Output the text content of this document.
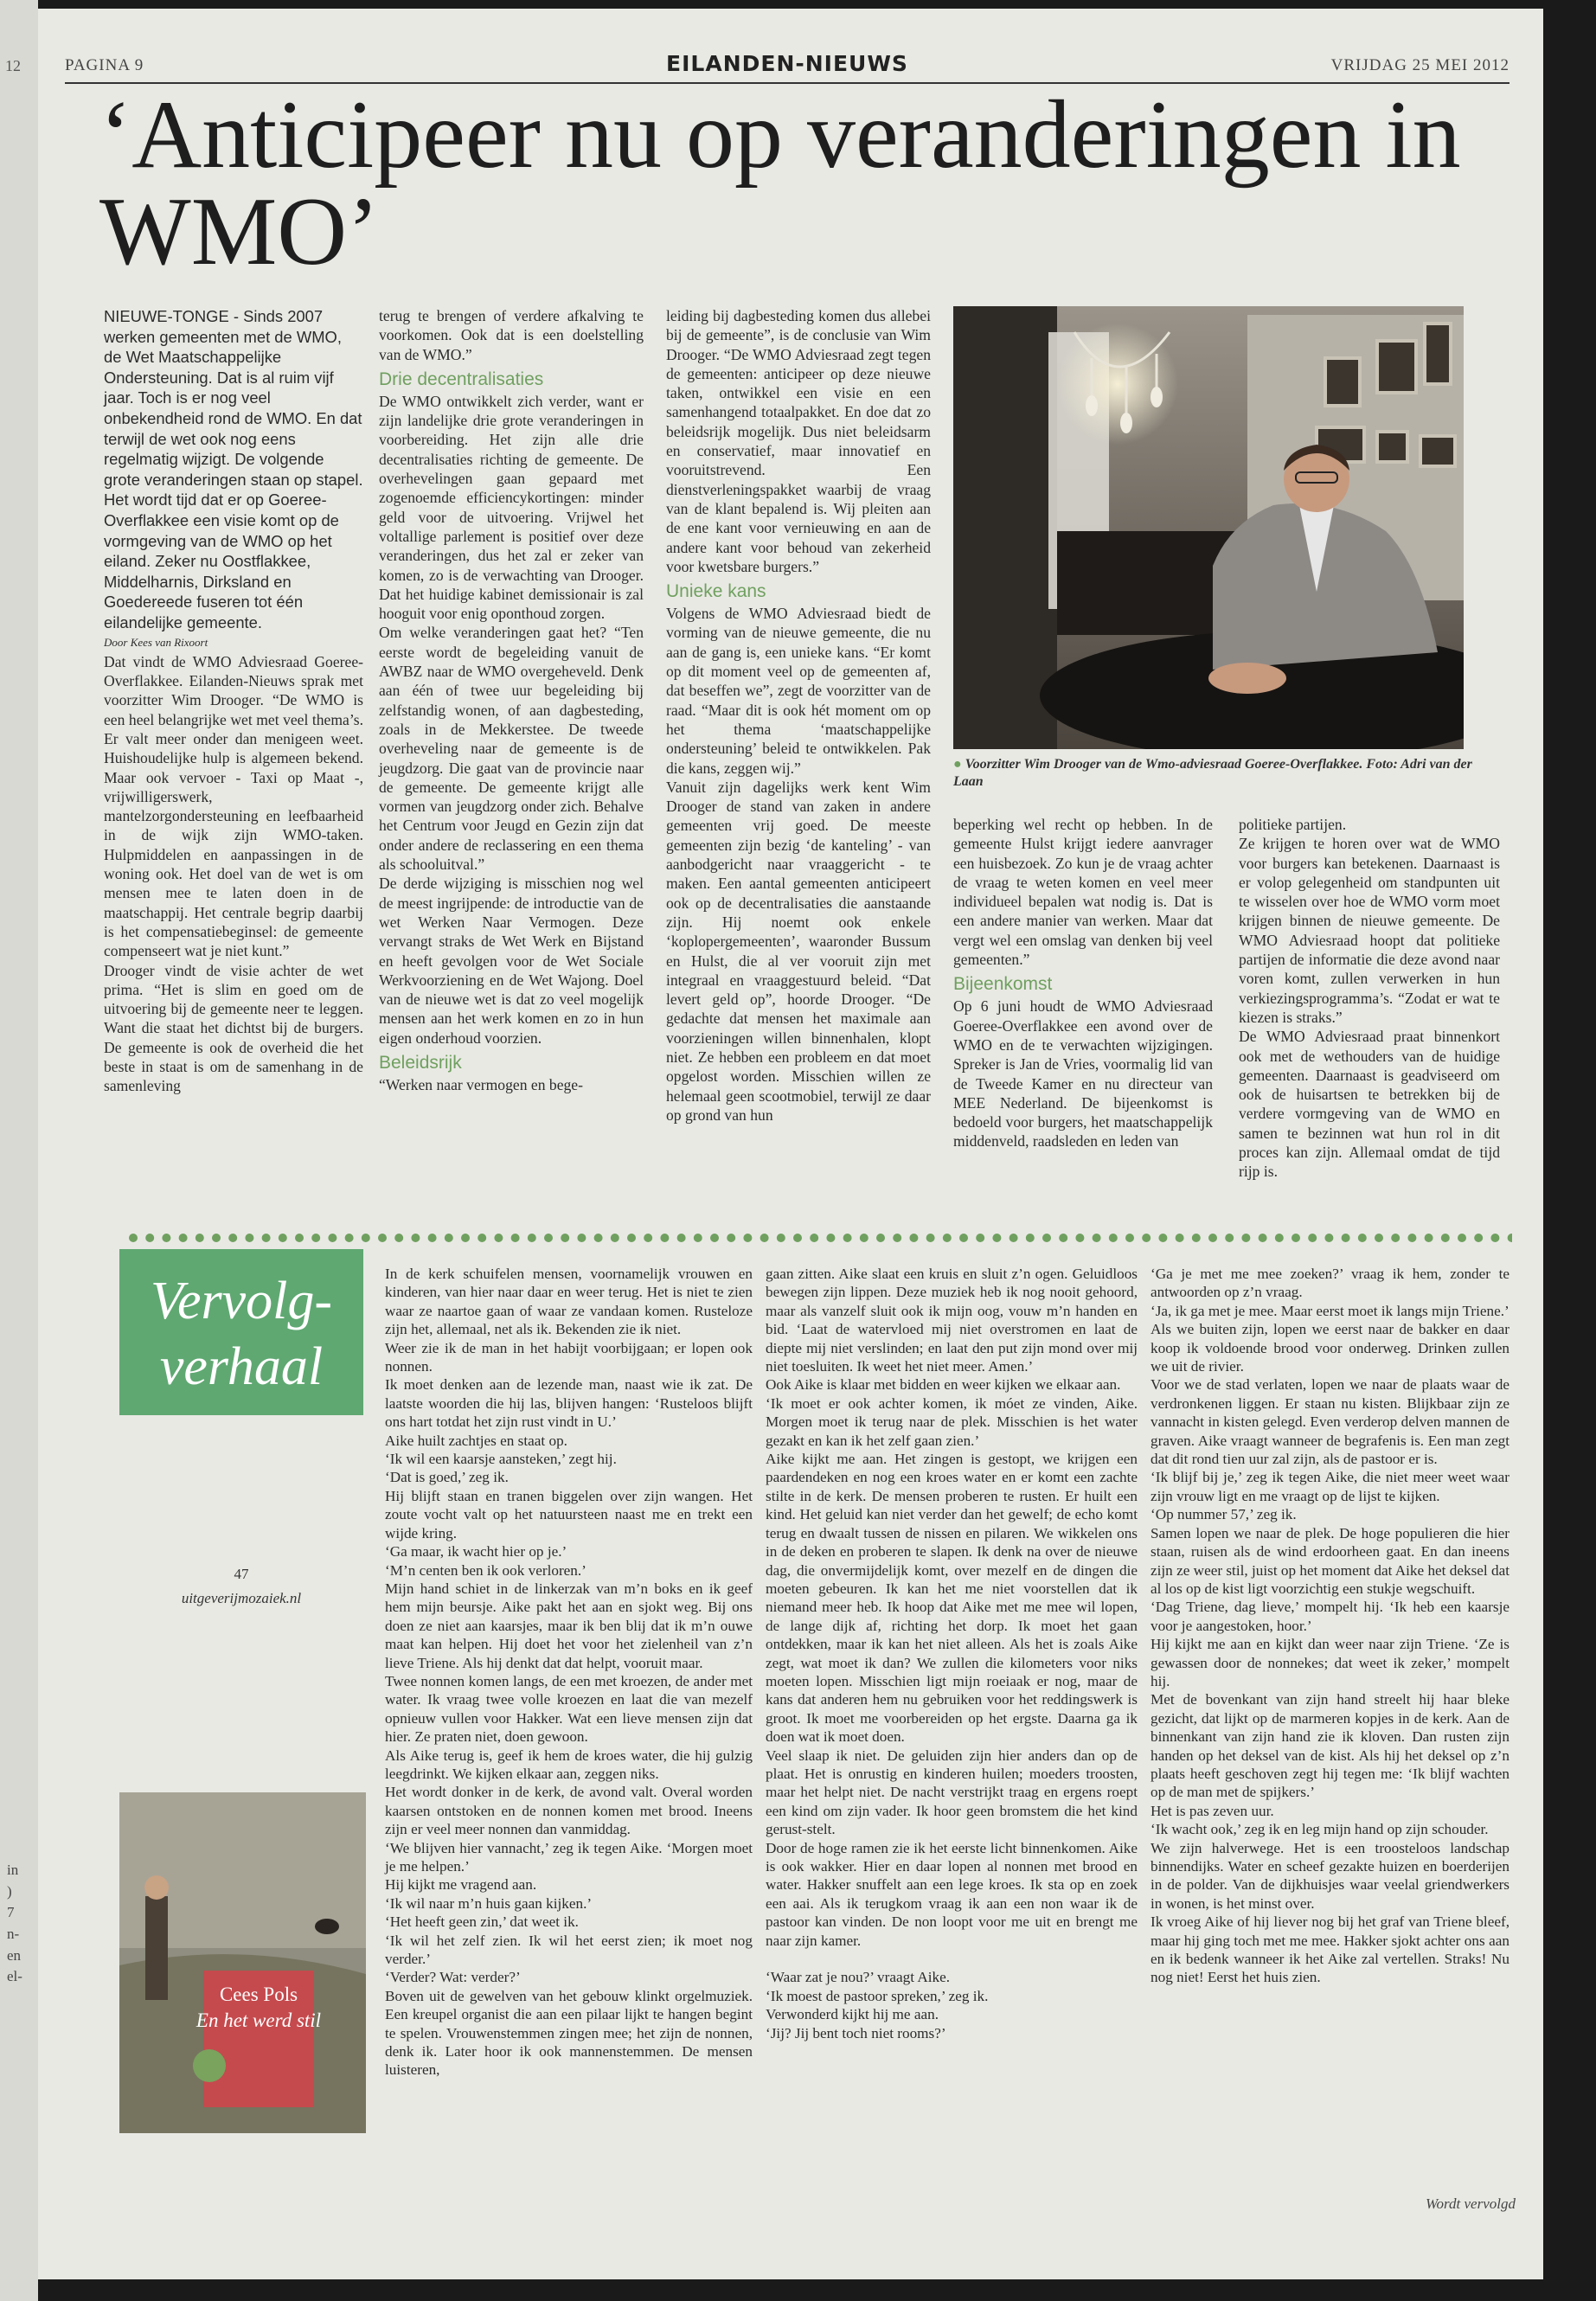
12
in
)
7
n-
en
el-
PAGINA 9	EILANDEN-NIEUWS	VRIJDAG 25 MEI 2012
‘Anticipeer nu op veranderingen in WMO’

NIEUWE-TONGE - Sinds 2007 werken gemeenten met de WMO, de Wet Maatschappelijke Ondersteuning. Dat is al ruim vijf jaar. Toch is er nog veel onbekendheid rond de WMO. En dat terwijl de wet ook nog eens regelmatig wijzigt. De volgende grote veranderingen staan op stapel. Het wordt tijd dat er op Goeree-Overflakkee een visie komt op de vormgeving van de WMO op het eiland. Zeker nu Oostflakkee, Middelharnis, Dirksland en Goedereede fuseren tot één eilandelijke gemeente.

Door Kees van Rixoort

Dat vindt de WMO Adviesraad Goeree-Overflakkee. Eilanden-Nieuws sprak met voorzitter Wim Drooger. “De WMO is een heel belangrijke wet met veel thema’s. Er valt meer onder dan menigeen weet. Huishoudelijke hulp is algemeen bekend. Maar ook vervoer - Taxi op Maat -, vrijwilligerswerk, mantelzorgondersteuning en leefbaarheid in de wijk zijn WMO-taken. Hulpmiddelen en aanpassingen in de woning ook. Het doel van de wet is om mensen mee te laten doen in de maatschappij. Het centrale begrip daarbij is het compensatiebeginsel: de gemeente compenseert wat je niet kunt.”
Drooger vindt de visie achter de wet prima. “Het is slim en goed om de uitvoering bij de gemeente neer te leggen. Want die staat het dichtst bij de burgers. De gemeente is ook de overheid die het beste in staat is om de samenhang in de samenleving

terug te brengen of verdere afkalving te voorkomen. Ook dat is een doelstelling van de WMO.”

Drie decentralisaties

De WMO ontwikkelt zich verder, want er zijn landelijke drie grote veranderingen in voorbereiding. Het zijn alle drie decentralisaties richting de gemeente. De overhevelingen gaan gepaard met zogenoemde efficiencykortingen: minder geld voor de uitvoering. Vrijwel het voltallige parlement is positief over deze veranderingen, dus het zal er zeker van komen, zo is de verwachting van Drooger. Dat het huidige kabinet demissionair is zal hooguit voor enig oponthoud zorgen.
Om welke veranderingen gaat het? “Ten eerste wordt de begeleiding vanuit de AWBZ naar de WMO overgeheveld. Denk aan één of twee uur begeleiding bij zelfstandig wonen, of aan dagbesteding, zoals in de Mekkerstee. De tweede overheveling naar de gemeente is de jeugdzorg. Die gaat van de provincie naar de gemeente. De gemeente krijgt alle vormen van jeugdzorg onder zich. Behalve het Centrum voor Jeugd en Gezin zijn dat onder andere de reclassering en een thema als schooluitval.”
De derde wijziging is misschien nog wel de meest ingrijpende: de introductie van de wet Werken Naar Vermogen. Deze vervangt straks de Wet Werk en Bijstand en heeft gevolgen voor de Wet Sociale Werkvoorziening en de Wet Wajong. Doel van de nieuwe wet is dat zo veel mogelijk mensen aan het werk komen en zo in hun eigen onderhoud voorzien.

Beleidsrijk

“Werken naar vermogen en bege-

leiding bij dagbesteding komen dus allebei bij de gemeente”, is de conclusie van Wim Drooger. “De WMO Adviesraad zegt tegen de gemeenten: anticipeer op deze nieuwe taken, ontwikkel een visie en een samenhangend totaalpakket. En doe dat zo beleidsrijk mogelijk. Dus niet beleidsarm en conservatief, maar innovatief en vooruitstrevend. Een dienstverleningspakket waarbij de vraag van de klant bepalend is. Wij pleiten aan de ene kant voor vernieuwing en aan de andere kant voor behoud van zekerheid voor kwetsbare burgers.”

Unieke kans

Volgens de WMO Adviesraad biedt de vorming van de nieuwe gemeente, die nu aan de gang is, een unieke kans. “Er komt op dit moment veel op de gemeenten af, dat beseffen we”, zegt de voorzitter van de raad. “Maar dit is ook hét moment om op het thema ‘maatschappelijke ondersteuning’ beleid te ontwikkelen. Pak die kans, zeggen wij.”
Vanuit zijn dagelijks werk kent Wim Drooger de stand van zaken in andere gemeenten vrij goed. De meeste gemeenten zijn bezig ‘de kanteling’ - van aanbodgericht naar vraaggericht - te maken. Een aantal gemeenten anticipeert ook op de decentralisaties die aanstaande zijn. Hij noemt ook enkele ‘koplopergemeenten’, waaronder Bussum en Hulst, die al ver vooruit zijn met integraal en vraaggestuurd beleid. “Dat levert geld op”, hoorde Drooger. “De gedachte dat mensen het maximale aan voorzieningen willen binnenhalen, klopt niet. Ze hebben een probleem en dat moet opgelost worden. Misschien willen ze helemaal geen scootmobiel, terwijl ze daar op grond van hun

● Voorzitter Wim Drooger van de Wmo-adviesraad Goeree-Overflakkee. Foto: Adri van der Laan

beperking wel recht op hebben. In de gemeente Hulst krijgt iedere aanvrager een huisbezoek. Zo kun je de vraag achter de vraag te weten komen en veel meer individueel bepalen wat nodig is. Dat is een andere manier van werken. Maar dat vergt wel een omslag van denken bij veel gemeenten.”

Bijeenkomst

Op 6 juni houdt de WMO Adviesraad Goeree-Overflakkee een avond over de WMO en de te verwachten wijzigingen. Spreker is Jan de Vries, voormalig lid van de Tweede Kamer en nu directeur van MEE Nederland. De bijeenkomst is bedoeld voor burgers, het maatschappelijk middenveld, raadsleden en leden van

politieke partijen.
Ze krijgen te horen over wat de WMO voor burgers kan betekenen. Daarnaast is er volop gelegenheid om standpunten uit te wisselen over hoe de WMO vorm moet krijgen binnen de nieuwe gemeente. De WMO Adviesraad hoopt dat politieke partijen de informatie die deze avond naar voren komt, zullen verwerken in hun verkiezingsprogramma’s. “Zodat er wat te kiezen is straks.”
De WMO Adviesraad praat binnenkort ook met de wethouders van de huidige gemeenten. Daarnaast is geadviseerd om ook de huisartsen te betrekken bij de verdere vormgeving van de WMO en samen te bezinnen wat hun rol in dit proces kan zijn. Allemaal omdat de tijd rijp is.

Vervolg- verhaal

47

uitgeverijmozaiek.nl

Cees Pols
En het werd stil
In de kerk schuifelen mensen, voornamelijk vrouwen en kinderen, van hier naar daar en weer terug. Het is niet te zien waar ze naartoe gaan of waar ze vandaan komen. Rusteloze zijn het, allemaal, net als ik. Bekenden zie ik niet.
Weer zie ik de man in het habijt voorbijgaan; er lopen ook nonnen.
Ik moet denken aan de lezende man, naast wie ik zat. De laatste woorden die hij las, blijven hangen: ‘Rusteloos blijft ons hart totdat het zijn rust vindt in U.’
Aike huilt zachtjes en staat op.
‘Ik wil een kaarsje aansteken,’ zegt hij.
‘Dat is goed,’ zeg ik.
Hij blijft staan en tranen biggelen over zijn wangen. Het zoute vocht valt op het natuursteen naast me en trekt een wijde kring.
‘Ga maar, ik wacht hier op je.’
‘M’n centen ben ik ook verloren.’
Mijn hand schiet in de linkerzak van m’n boks en ik geef hem mijn beursje. Aike pakt het aan en sjokt weg. Bij ons doen ze niet aan kaarsjes, maar ik ben blij dat ik m’n ouwe maat kan helpen. Hij doet het voor het zielenheil van z’n lieve Triene. Als hij denkt dat dat helpt, vooruit maar.
Twee nonnen komen langs, de een met kroezen, de ander met water. Ik vraag twee volle kroezen en laat die van mezelf opnieuw vullen voor Hakker. Wat een lieve mensen zijn dat hier. Ze praten niet, doen gewoon.
Als Aike terug is, geef ik hem de kroes water, die hij gulzig leegdrinkt. We kijken elkaar aan, zeggen niks.
Het wordt donker in de kerk, de avond valt. Overal worden kaarsen ontstoken en de nonnen komen met brood. Ineens zijn er veel meer nonnen dan vanmiddag.
‘We blijven hier vannacht,’ zeg ik tegen Aike. ‘Morgen moet je me helpen.’
Hij kijkt me vragend aan.
‘Ik wil naar m’n huis gaan kijken.’
‘Het heeft geen zin,’ dat weet ik.
‘Ik wil het zelf zien. Ik wil het eerst zien; ik moet nog verder.’
‘Verder? Wat: verder?’
Boven uit de gewelven van het gebouw klinkt orgelmuziek. Een kreupel organist die aan een pilaar lijkt te hangen begint te spelen. Vrouwenstemmen zingen mee; het zijn de nonnen, denk ik. Later hoor ik ook mannenstemmen. De mensen luisteren,
gaan zitten. Aike slaat een kruis en sluit z’n ogen. Geluidloos bewegen zijn lippen. Deze muziek heb ik nog nooit gehoord, maar als vanzelf sluit ook ik mijn oog, vouw m’n handen en bid. ‘Laat de watervloed mij niet overstromen en laat de diepte mij niet verslinden; en laat den put zijn mond over mij niet toesluiten. Ik weet het niet meer. Amen.’
Ook Aike is klaar met bidden en weer kijken we elkaar aan.
‘Ik moet er ook achter komen, ik móet ze vinden, Aike. Morgen moet ik terug naar de plek. Misschien is het water gezakt en kan ik het zelf gaan zien.’
Aike kijkt me aan. Het zingen is gestopt, we krijgen een paardendeken en nog een kroes water en er komt een zachte stilte in de kerk. De mensen proberen te rusten. Er huilt een kind. Het geluid kan niet verder dan het gewelf; de echo komt terug en dwaalt tussen de nissen en pilaren. We wikkelen ons in de deken en proberen te slapen. Ik denk na over de nieuwe dag, die onvermijdelijk komt, over mezelf en de dingen die moeten gebeuren. Ik kan het me niet voorstellen dat ik niemand meer heb. Ik hoop dat Aike met me mee wil lopen, de lange dijk af, richting het dorp. Ik moet het gaan ontdekken, maar ik kan het niet alleen. Als het is zoals Aike zegt, wat moet ik dan? We zullen die kilometers voor niks moeten lopen. Misschien ligt mijn roeiaak er nog, maar de kans dat anderen hem nu gebruiken voor het reddingswerk is groot. Ik moet me voorbereiden op het ergste. Daarna ga ik doen wat ik moet doen.
Veel slaap ik niet. De geluiden zijn hier anders dan op de plaat. Het is onrustig en kinderen huilen; moeders troosten, maar het helpt niet. De nacht verstrijkt traag en ergens roept een kind om zijn vader. Ik hoor geen bromstem die het kind gerust-stelt.
Door de hoge ramen zie ik het eerste licht binnenkomen. Aike is ook wakker. Hier en daar lopen al nonnen met brood en water. Hakker snuffelt aan een lege kroes. Ik sta op en zoek een aai. Als ik terugkom vraag ik aan een non waar ik de pastoor kan vinden. De non loopt voor me uit en brengt me naar zijn kamer.

‘Waar zat je nou?’ vraagt Aike.
‘Ik moest de pastoor spreken,’ zeg ik.
Verwonderd kijkt hij me aan.
‘Jij? Jij bent toch niet rooms?’
‘Ga je met me mee zoeken?’ vraag ik hem, zonder te antwoorden op z’n vraag.
‘Ja, ik ga met je mee. Maar eerst moet ik langs mijn Triene.’
Als we buiten zijn, lopen we eerst naar de bakker en daar koop ik voldoende brood voor onderweg. Drinken zullen we uit de rivier.
Voor we de stad verlaten, lopen we naar de plaats waar de verdronkenen liggen. Er staan nu kisten. Blijkbaar zijn ze vannacht in kisten gelegd. Even verderop delven mannen de graven. Aike vraagt wanneer de begrafenis is. Een man zegt dat dit rond tien uur zal zijn, als de pastoor er is.
‘Ik blijf bij je,’ zeg ik tegen Aike, die niet meer weet waar zijn vrouw ligt en me vraagt op de lijst te kijken.
‘Op nummer 57,’ zeg ik.
Samen lopen we naar de plek. De hoge populieren die hier staan, ruisen als de wind erdoorheen gaat. En dan ineens zijn ze weer stil, juist op het moment dat Aike het deksel dat al los op de kist ligt voorzichtig een stukje wegschuift.
‘Dag Triene, dag lieve,’ mompelt hij. ‘Ik heb een kaarsje voor je aangestoken, hoor.’
Hij kijkt me aan en kijkt dan weer naar zijn Triene. ‘Ze is gewassen door de nonnekes; dat weet ik zeker,’ mompelt hij.
Met de bovenkant van zijn hand streelt hij haar bleke gezicht, dat lijkt op de marmeren kopjes in de kerk. Aan de binnenkant van zijn hand zie ik kloven. Dan rusten zijn handen op het deksel van de kist. Als hij het deksel op z’n plaats heeft geschoven zegt hij tegen me: ‘Ik blijf wachten op de man met de spijkers.’
Het is pas zeven uur.
‘Ik wacht ook,’ zeg ik en leg mijn hand op zijn schouder.
We zijn halverwege. Het is een troosteloos landschap binnendijks. Water en scheef gezakte huizen en boerderijen in de polder. Van de dijkhuisjes waar veelal griendwerkers in wonen, is het minst over.
Ik vroeg Aike of hij liever nog bij het graf van Triene bleef, maar hij ging toch met me mee. Hakker sjokt achter ons aan en ik bedenk wanneer ik het Aike zal vertellen. Straks! Nu nog niet! Eerst het huis zien.

Wordt vervolgd
